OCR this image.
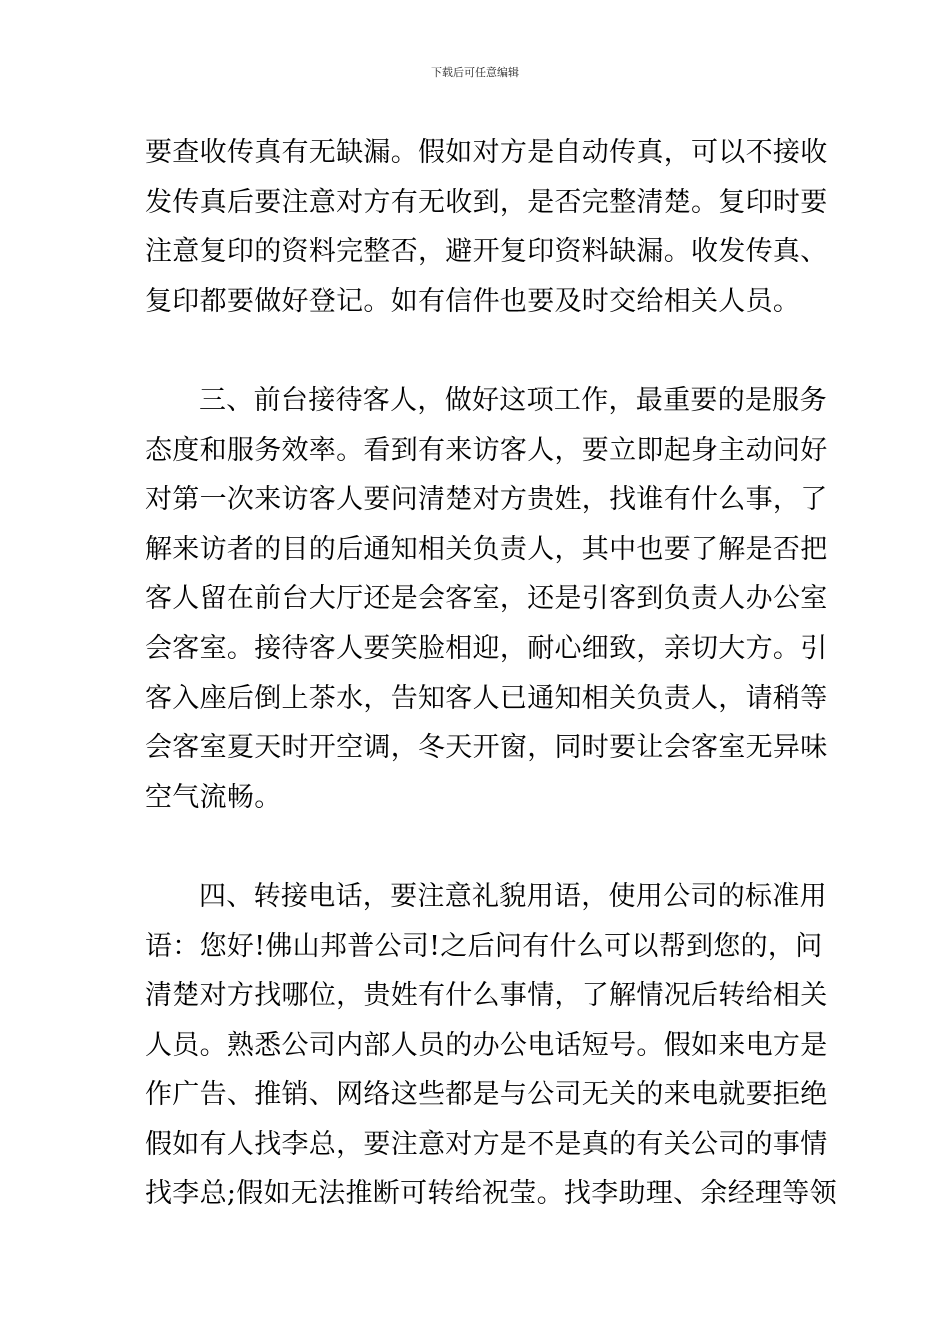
下载后可任意编辑
要查收传真有无缺漏。假如对方是自动传真，可以不接收
发传真后要注意对方有无收到，是否完整清楚。复印时要
注意复印的资料完整否，避开复印资料缺漏。收发传真、
复印都要做好登记。如有信件也要及时交给相关人员。
三、前台接待客人，做好这项工作，最重要的是服务
态度和服务效率。看到有来访客人，要立即起身主动问好
对第一次来访客人要问清楚对方贵姓，找谁有什么事，了
解来访者的目的后通知相关负责人，其中也要了解是否把
客人留在前台大厅还是会客室，还是引客到负责人办公室
会客室。接待客人要笑脸相迎，耐心细致，亲切大方。引
客入座后倒上茶水，告知客人已通知相关负责人，请稍等
会客室夏天时开空调，冬天开窗，同时要让会客室无异味
空气流畅。
四、转接电话，要注意礼貌用语，使用公司的标准用
语：您好!佛山邦普公司!之后问有什么可以帮到您的，问
清楚对方找哪位，贵姓有什么事情，了解情况后转给相关
人员。熟悉公司内部人员的办公电话短号。假如来电方是
作广告、推销、网络这些都是与公司无关的来电就要拒绝
假如有人找李总，要注意对方是不是真的有关公司的事情
找李总;假如无法推断可转给祝莹。找李助理、余经理等领
